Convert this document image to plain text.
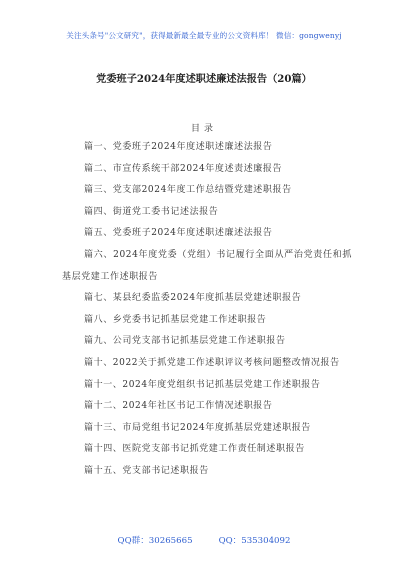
关注头条号"公文研究"，获得最新最全最专业的公文资料库！ 微信：gongwenyj
党委班子2024年度述职述廉述法报告（20篇）
目录
篇一、党委班子2024年度述职述廉述法报告
篇二、市宣传系统干部2024年度述责述廉报告
篇三、党支部2024年度工作总结暨党建述职报告
篇四、街道党工委书记述法报告
篇五、党委班子2024年度述职述廉述法报告
篇六、2024年度党委（党组）书记履行全面从严治党责任和抓基层党建工作述职报告
篇七、某县纪委监委2024年度抓基层党建述职报告
篇八、乡党委书记抓基层党建工作述职报告
篇九、公司党支部书记抓基层党建工作述职报告
篇十、2022关于抓党建工作述职评议考核问题整改情况报告
篇十一、2024年度党组织书记抓基层党建工作述职报告
篇十二、2024年社区书记工作情况述职报告
篇十三、市局党组书记2024年度抓基层党建述职报告
篇十四、医院党支部书记抓党建工作责任制述职报告
篇十五、党支部书记述职报告
QQ群：30265665	QQ：535304092
